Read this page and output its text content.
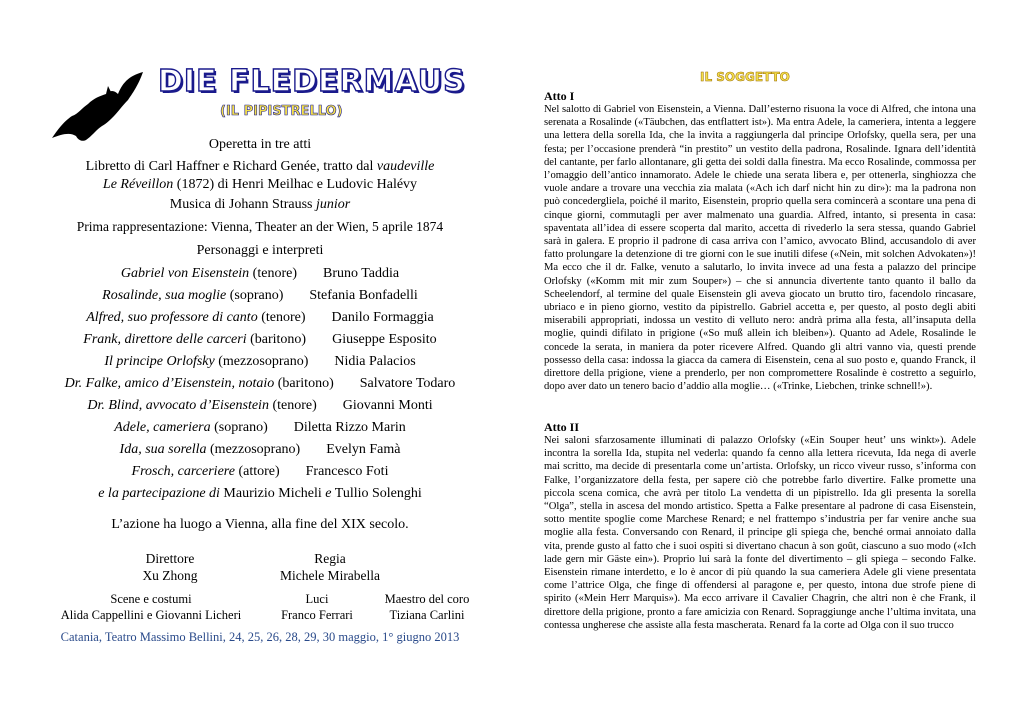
DIE FLEDERMAUS
(IL PIPISTRELLO)
Operetta in tre atti
Libretto di Carl Haffner e Richard Genée, tratto dal vaudeville
Le Réveillon (1872) di Henri Meilhac e Ludovic Halévy
Musica di Johann Strauss junior
Prima rappresentazione: Vienna, Theater an der Wien, 5 aprile 1874
Personaggi e interpreti
Gabriel von Eisenstein (tenore) Bruno Taddia
Rosalinde, sua moglie (soprano) Stefania Bonfadelli
Alfred, suo professore di canto (tenore) Danilo Formaggia
Frank, direttore delle carceri (baritono) Giuseppe Esposito
Il principe Orlofsky (mezzosoprano) Nidia Palacios
Dr. Falke, amico d’Eisenstein, notaio (baritono) Salvatore Todaro
Dr. Blind, avvocato d’Eisenstein (tenore) Giovanni Monti
Adele, cameriera (soprano) Diletta Rizzo Marin
Ida, sua sorella (mezzosoprano) Evelyn Famà
Frosch, carceriere (attore) Francesco Foti
e la partecipazione di Maurizio Micheli e Tullio Solenghi
L’azione ha luogo a Vienna, alla fine del XIX secolo.
Direttore
Xu Zhong
Regia
Michele Mirabella
Scene e costumi
Alida Cappellini e Giovanni Licheri
Luci
Franco Ferrari
Maestro del coro
Tiziana Carlini
Catania, Teatro Massimo Bellini, 24, 25, 26, 28, 29, 30 maggio, 1° giugno 2013
IL SOGGETTO
Atto I
Nel salotto di Gabriel von Eisenstein, a Vienna. Dall’esterno risuona la voce di Alfred, che intona una serenata a Rosalinde («Täubchen, das entflattert ist»). Ma entra Adele, la cameriera, intenta a leggere una lettera della sorella Ida, che la invita a raggiungerla dal principe Orlofsky, quella sera, per una festa; per l’occasione prenderà “in prestito” un vestito della padrona, Rosalinde. Ignara dell’identità del cantante, per farlo allontanare, gli getta dei soldi dalla finestra. Ma ecco Rosalinde, commossa per l’omaggio dell’antico innamorato. Adele le chiede una serata libera e, per ottenerla, singhiozza che vuole andare a trovare una vecchia zia malata («Ach ich darf nicht hin zu dir»): ma la padrona non può concedergliela, poiché il marito, Eisenstein, proprio quella sera comincerà a scontare una pena di cinque giorni, commutagli per aver malmenato una guardia. Alfred, intanto, si presenta in casa: spaventata all’idea di essere scoperta dal marito, accetta di rivederlo la sera stessa, quando Gabriel sarà in galera. E proprio il padrone di casa arriva con l’amico, avvocato Blind, accusandolo di aver fatto prolungare la detenzione di tre giorni con le sue inutili difese («Nein, mit solchen Advokaten»)! Ma ecco che il dr. Falke, venuto a salutarlo, lo invita invece ad una festa a palazzo del principe Orlofsky («Komm mit mir zum Souper») – che si annuncia divertente tanto quanto il ballo da Scheelendorf, al termine del quale Eisenstein gli aveva giocato un brutto tiro, facendolo rincasare, ubriaco e in pieno giorno, vestito da pipistrello. Gabriel accetta e, per questo, al posto degli abiti miserabili appropriati, indossa un vestito di velluto nero: andrà prima alla festa, all’insaputa della moglie, quindi difilato in prigione («So muß allein ich bleiben»). Quanto ad Adele, Rosalinde le concede la serata, in maniera da poter ricevere Alfred. Quando gli altri vanno via, questi prende possesso della casa: indossa la giacca da camera di Eisenstein, cena al suo posto e, quando Franck, il direttore della prigione, viene a prenderlo, per non compromettere Rosalinde è costretto a seguirlo, dopo aver dato un tenero bacio d’addio alla moglie… («Trinke, Liebchen, trinke schnell!»).
Atto II
Nei saloni sfarzosamente illuminati di palazzo Orlofsky («Ein Souper heut’ uns winkt»). Adele incontra la sorella Ida, stupita nel vederla: quando fa cenno alla lettera ricevuta, Ida nega di averle mai scritto, ma decide di presentarla come un’artista. Orlofsky, un ricco viveur russo, s’informa con Falke, l’organizzatore della festa, per sapere ciò che potrebbe farlo divertire. Falke promette una piccola scena comica, che avrà per titolo La vendetta di un pipistrello. Ida gli presenta la sorella “Olga”, stella in ascesa del mondo artistico. Spetta a Falke presentare al padrone di casa Eisenstein, sotto mentite spoglie come Marchese Renard; e nel frattempo s’industria per far venire anche sua moglie alla festa. Conversando con Renard, il principe gli spiega che, benché ormai annoiato dalla vita, prende gusto al fatto che i suoi ospiti si divertano chacun à son goût, ciascuno a suo modo («Ich lade gern mir Gäste ein»). Proprio lui sarà la fonte del divertimento – gli spiega – secondo Falke. Eisenstein rimane interdetto, e lo è ancor di più quando la sua cameriera Adele gli viene presentata come l’attrice Olga, che finge di offendersi al paragone e, per questo, intona due strofe piene di spirito («Mein Herr Marquis»). Ma ecco arrivare il Cavalier Chagrin, che altri non è che Frank, il direttore della prigione, pronto a fare amicizia con Renard. Sopraggiunge anche l’ultima invitata, una contessa ungherese che assiste alla festa mascherata. Renard fa la corte ad Olga con il suo trucco
